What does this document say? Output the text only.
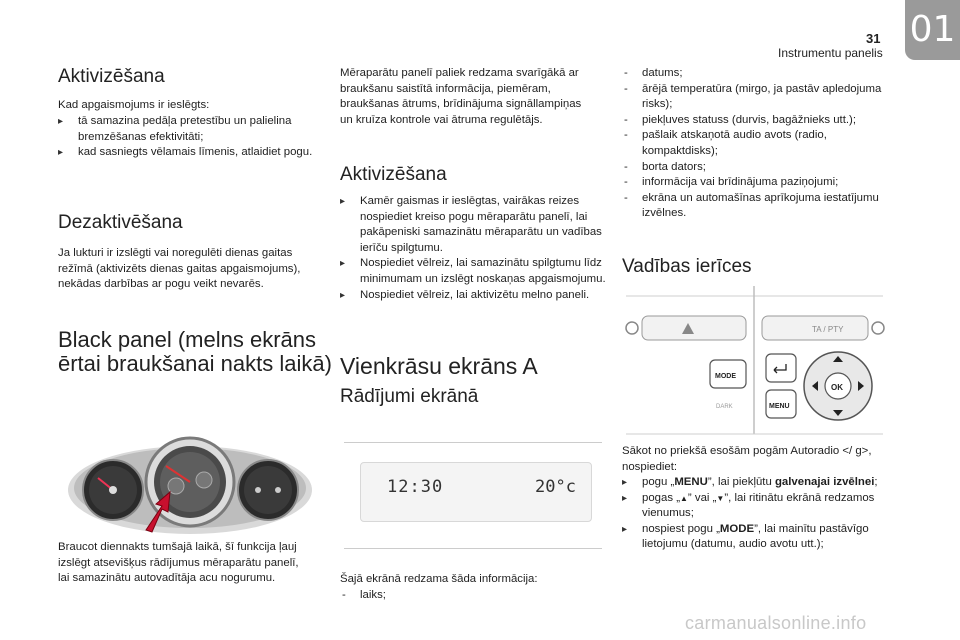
31
Instrumentu panelis
01
Aktivizēšana

Kad apgaismojums ir ieslēgts:

▸ tā samazina pedāļa pretestību un palielina bremzēšanas efektivitāti;
▸ kad sasniegts vēlamais līmenis, atlaidiet pogu.
Dezaktivēšana

Ja lukturi ir izslēgti vai noregulēti dienas gaitas režīmā (aktivizēts dienas gaitas apgaismojums), nekādas darbības ar pogu veikt nevarēs.

Black panel (melns ekrāns
ērtai braukšanai nakts laikā)

Braucot diennakts tumšajā laikā, šī funkcija ļauj izslēgt atsevišķus rādījumus mēraparātu panelī, lai samazinātu autovadītāja acu nogurumu.

Mēraparātu panelī paliek redzama svarīgākā ar braukšanu saistītā informācija, piemēram, braukšanas ātrums, brīdinājuma signāllampiņas un kruīza kontrole vai ātruma regulētājs.

Aktivizēšana
▸ Kamēr gaismas ir ieslēgtas, vairākas reizes nospiediet kreiso pogu mēraparātu panelī, lai pakāpeniski samazinātu mēraparātu un vadības ierīču spilgtumu.
▸ Nospiediet vēlreiz, lai samazinātu spilgtumu līdz minimumam un izslēgt noskaņas apgaismojumu.
▸ Nospiediet vēlreiz, lai aktivizētu melno paneli.
Vienkrāsu ekrāns A
Rādījumi ekrānā
12:30	20°c

Šajā ekrānā redzama šāda informācija:

- laiks;
- datums;
- ārējā temperatūra (mirgo, ja pastāv apledojuma risks);
- piekļuves statuss (durvis, bagāžnieks utt.);
- pašlaik atskaņotā audio avots (radio, kompaktdisks);
- borta dators;
- informācija vai brīdinājuma paziņojumi;
- ekrāna un automašīnas aprīkojuma iestatījumu izvēlnes.
Vadības ierīces
TA / PTY
MODE
DARK	MENU
OK

Sākot no priekšā esošām pogām Autoradio </ g>, nospiediet:

▸ pogu „MENU”, lai piekļūtu galvenajai izvēlnei;
▸ pogas „▲” vai „▼”, lai ritinātu ekrānā redzamos vienumus;
▸ nospiest pogu „MODE”, lai mainītu pastāvīgo lietojumu (datumu, audio avotu utt.);
carmanualsonline.info
